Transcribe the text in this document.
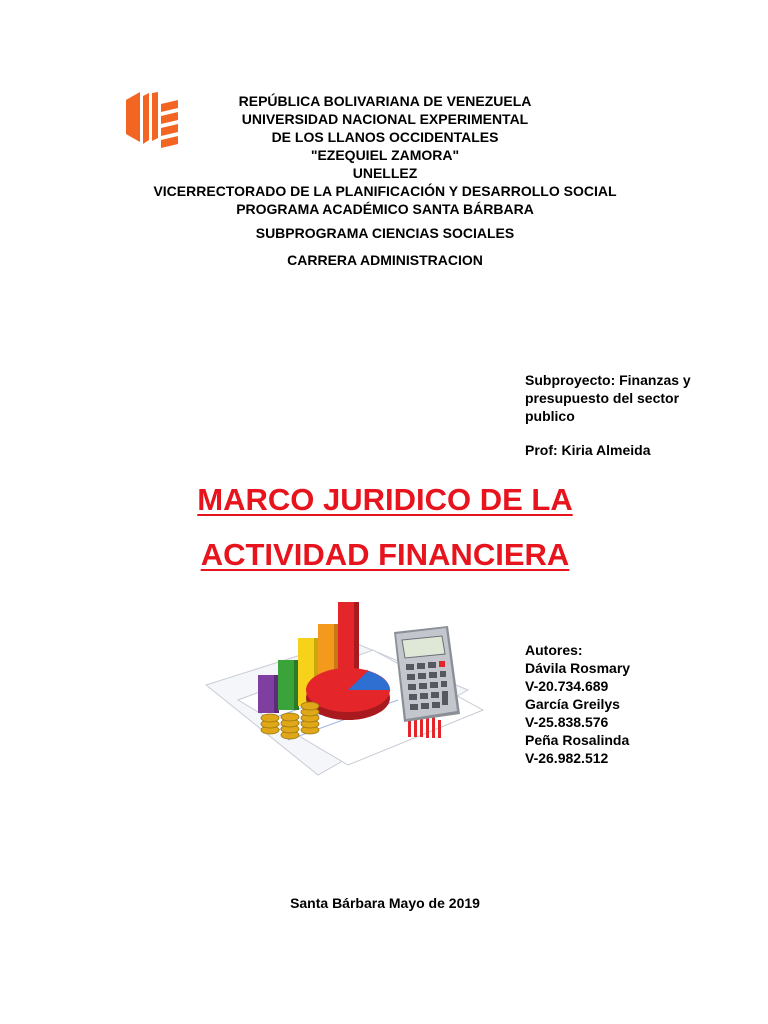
REPÚBLICA BOLIVARIANA DE VENEZUELA
UNIVERSIDAD NACIONAL EXPERIMENTAL
DE LOS LLANOS OCCIDENTALES
"EZEQUIEL ZAMORA"
UNELLEZ
VICERRECTORADO DE LA PLANIFICACIÓN Y DESARROLLO SOCIAL
PROGRAMA ACADÉMICO SANTA BÁRBARA
SUBPROGRAMA CIENCIAS SOCIALES
CARRERA ADMINISTRACION
Subproyecto: Finanzas y
presupuesto del sector
publico
Prof: Kiria Almeida
MARCO JURIDICO DE LA
ACTIVIDAD FINANCIERA
Autores:
Dávila Rosmary
V-20.734.689
García Greilys
V-25.838.576
Peña Rosalinda
V-26.982.512
Santa Bárbara Mayo de 2019
